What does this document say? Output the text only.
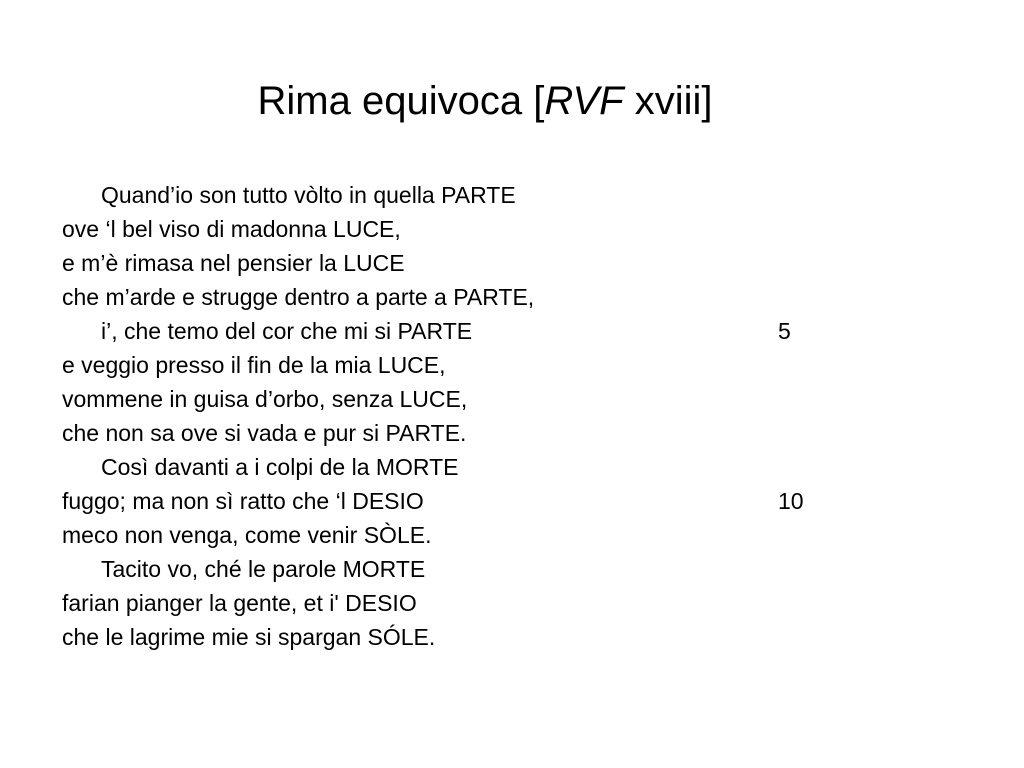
Rima equivoca [RVF xviii]
Quand’io son tutto vòlto in quella PARTE
ove ‘l bel viso di madonna LUCE,
e m’è rimasa nel pensier la LUCE
che m’arde e strugge dentro a parte a PARTE,
i’, che temo del cor che mi si PARTE	5
e veggio presso il fin de la mia LUCE,
vommene in guisa d’orbo, senza LUCE,
che non sa ove si vada e pur si PARTE.
Così davanti a i colpi de la MORTE
fuggo; ma non sì ratto che ‘l DESIO	10
meco non venga, come venir SÒLE.
Tacito vo, ché le parole MORTE
farian pianger la gente, et i' DESIO
che le lagrime mie si spargan SÓLE.
